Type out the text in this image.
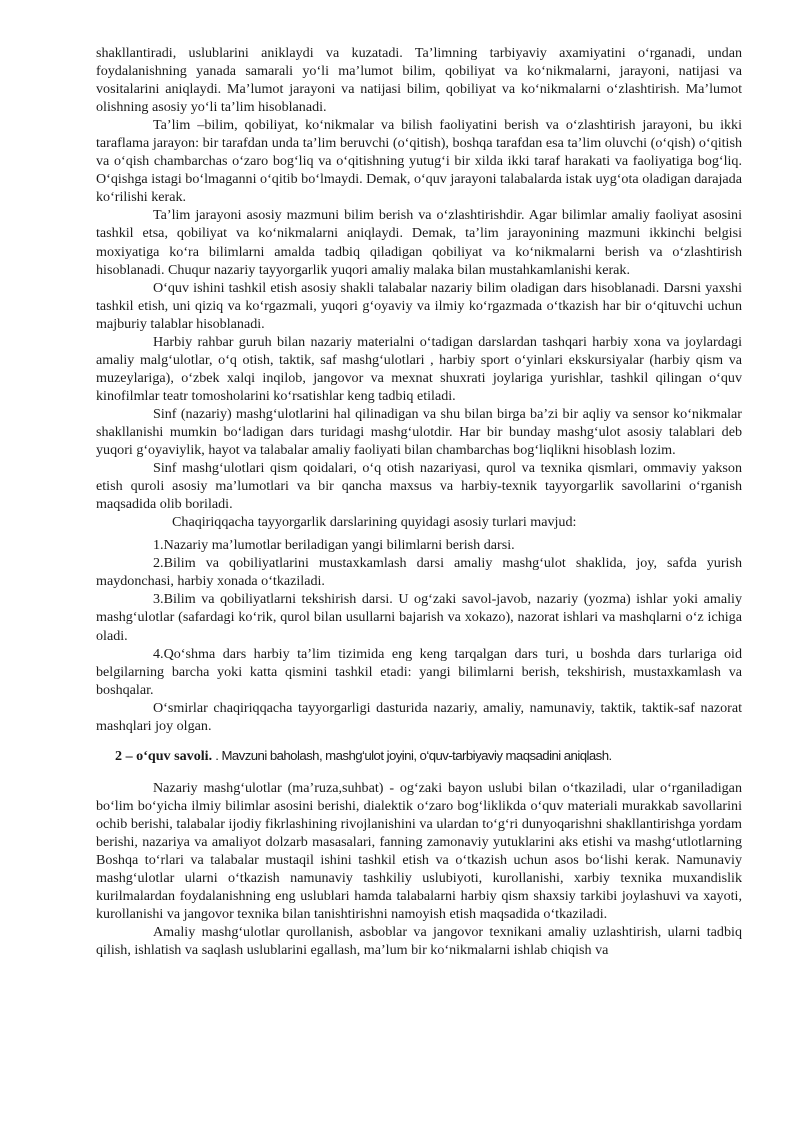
shakllantiradi, uslublarini aniklaydi va kuzatadi. Ta’limning tarbiyaviy axamiyatini o‘rganadi, undan foydalanishning yanada samarali yo‘li ma’lumot bilim, qobiliyat va ko‘nikmalarni, jarayoni, natijasi va vositalarini aniqlaydi. Ma’lumot jarayoni va natijasi bilim, qobiliyat va ko‘nikmalarni o‘zlashtirish. Ma’lumot olishning asosiy yo‘li ta’lim hisoblanadi.

Ta’lim –bilim, qobiliyat, ko‘nikmalar va bilish faoliyatini berish va o‘zlashtirish jarayoni, bu ikki taraflama jarayon: bir tarafdan unda ta’lim beruvchi (o‘qitish), boshqa tarafdan esa ta’lim oluvchi (o‘qish) o‘qitish va o‘qish chambarchas o‘zaro bog‘liq va o‘qitishning yutug‘i bir xilda ikki taraf harakati va faoliyatiga bog‘liq. O‘qishga istagi bo‘lmaganni o‘qitib bo‘lmaydi. Demak, o‘quv jarayoni talabalarda istak uyg‘ota oladigan darajada ko‘rilishi kerak.

Ta’lim jarayoni asosiy mazmuni bilim berish va o‘zlashtirishdir. Agar bilimlar amaliy faoliyat asosini tashkil etsa, qobiliyat va ko‘nikmalarni aniqlaydi. Demak, ta’lim jarayonining mazmuni ikkinchi belgisi moxiyatiga ko‘ra bilimlarni amalda tadbiq qiladigan qobiliyat va ko‘nikmalarni berish va o‘zlashtirish hisoblanadi. Chuqur nazariy tayyorgarlik yuqori amaliy malaka bilan mustahkamlanishi kerak.

O‘quv ishini tashkil etish asosiy shakli talabalar nazariy bilim oladigan dars hisoblanadi. Darsni yaxshi tashkil etish, uni qiziq va ko‘rgazmali, yuqori g‘oyaviy va ilmiy ko‘rgazmada o‘tkazish har bir o‘qituvchi uchun majburiy talablar hisoblanadi.

Harbiy rahbar guruh bilan nazariy materialni o‘tadigan darslardan tashqari harbiy xona va joylardagi amaliy malg‘ulotlar, o‘q otish, taktik, saf mashg‘ulotlari , harbiy sport o‘yinlari ekskursiyalar (harbiy qism va muzeylariga), o‘zbek xalqi inqilob, jangovor va mexnat shuxrati joylariga yurishlar, tashkil qilingan o‘quv kinofilmlar teatr tomosholarini ko‘rsatishlar keng tadbiq etiladi.

Sinf (nazariy) mashg‘ulotlarini hal qilinadigan va shu bilan birga ba’zi bir aqliy va sensor ko‘nikmalar shakllanishi mumkin bo‘ladigan dars turidagi mashg‘ulotdir. Har bir bunday mashg‘ulot asosiy talablari deb yuqori g‘oyaviylik, hayot va talabalar amaliy faoliyati bilan chambarchas bog‘liqlikni hisoblash lozim.

Sinf mashg‘ulotlari qism qoidalari, o‘q otish nazariyasi, qurol va texnika qismlari, ommaviy yakson etish quroli asosiy ma’lumotlari va bir qancha maxsus va harbiy-texnik tayyorgarlik savollarini o‘rganish maqsadida olib boriladi.

Chaqiriqqacha tayyorgarlik darslarining quyidagi asosiy turlari mavjud:

1.Nazariy ma’lumotlar beriladigan yangi bilimlarni berish darsi.

2.Bilim va qobiliyatlarini mustaxkamlash darsi amaliy mashg‘ulot shaklida, joy, safda yurish maydonchasi, harbiy xonada o‘tkaziladi.

3.Bilim va qobiliyatlarni tekshirish darsi. U og‘zaki savol-javob, nazariy (yozma) ishlar yoki amaliy mashg‘ulotlar (safardagi ko‘rik, qurol bilan usullarni bajarish va xokazo), nazorat ishlari va mashqlarni o‘z ichiga oladi.

4.Qo‘shma dars harbiy ta’lim tizimida eng keng tarqalgan dars turi, u boshda dars turlariga oid belgilarning barcha yoki katta qismini tashkil etadi: yangi bilimlarni berish, tekshirish, mustaxkamlash va boshqalar.

O‘smirlar chaqiriqqacha tayyorgarligi dasturida nazariy, amaliy, namunaviy, taktik, taktik-saf nazorat mashqlari joy olgan.

2 – o‘quv savoli. . Mavzuni baholash, mashg‘ulot joyini, o‘quv-tarbiyaviy maqsadini aniqlash.

Nazariy mashg‘ulotlar (ma’ruza,suhbat) - og‘zaki bayon uslubi bilan o‘tkaziladi, ular o‘rganiladigan bo‘lim bo‘yicha ilmiy bilimlar asosini berishi, dialektik o‘zaro bog‘liklikda o‘quv materiali murakkab savollarini ochib berishi, talabalar ijodiy fikrlashining rivojlanishini va ulardan to‘g‘ri dunyoqarishni shakllantirishga yordam berishi, nazariya va amaliyot dolzarb masasalari, fanning zamonaviy yutuklarini aks etishi va mashg‘utlotlarning Boshqa to‘rlari va talabalar mustaqil ishini tashkil etish va o‘tkazish uchun asos bo‘lishi kerak. Namunaviy mashg‘ulotlar ularni o‘tkazish namunaviy tashkiliy uslubiyoti, kurollanishi, xarbiy texnika muxandislik kurilmalardan foydalanishning eng uslublari hamda talabalarni harbiy qism shaxsiy tarkibi joylashuvi va xayoti, kurollanishi va jangovor texnika bilan tanishtirishni namoyish etish maqsadida o‘tkaziladi.

Amaliy mashg‘ulotlar qurollanish, asboblar va jangovor texnikani amaliy uzlashtirish, ularni tadbiq qilish, ishlatish va saqlash uslublarini egallash, ma’lum bir ko‘nikmalarni ishlab chiqish va
